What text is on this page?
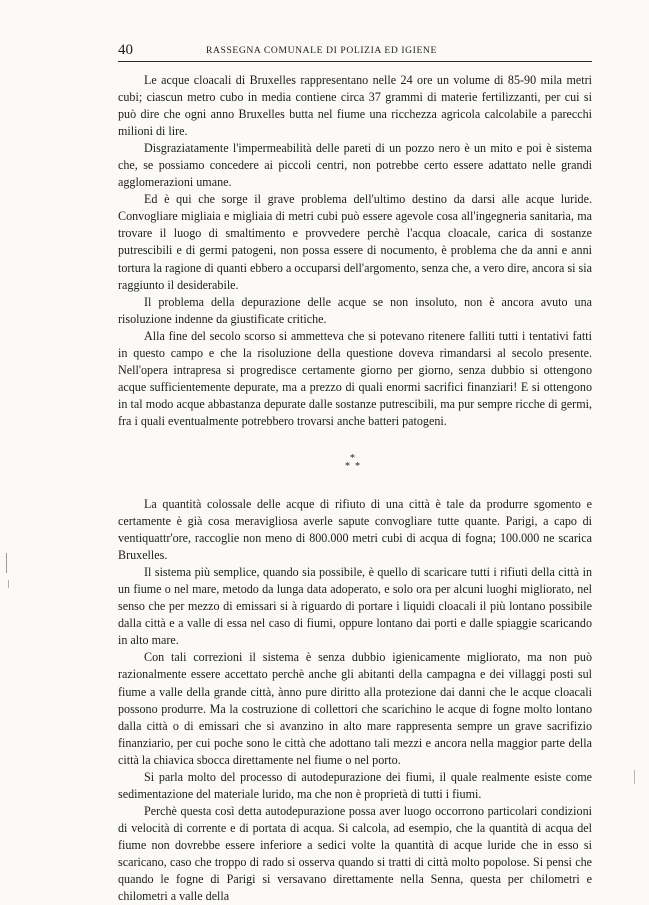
40	RASSEGNA COMUNALE DI POLIZIA ED IGIENE

Le acque cloacali di Bruxelles rappresentano nelle 24 ore un volume di 85-90 mila metri cubi; ciascun metro cubo in media contiene circa 37 grammi di materie fertilizzanti, per cui si può dire che ogni anno Bruxelles butta nel fiume una ricchezza agricola calcolabile a parecchi milioni di lire.

Disgraziatamente l'impermeabilità delle pareti di un pozzo nero è un mito e poi è sistema che, se possiamo concedere ai piccoli centri, non potrebbe certo essere adattato nelle grandi agglomerazioni umane.

Ed è qui che sorge il grave problema dell'ultimo destino da darsi alle acque luride. Convogliare migliaia e migliaia di metri cubi può essere agevole cosa all'ingegneria sanitaria, ma trovare il luogo di smaltimento e provvedere perchè l'acqua cloacale, carica di sostanze putrescibili e di germi patogeni, non possa essere di nocumento, è problema che da anni e anni tortura la ragione di quanti ebbero a occuparsi dell'argomento, senza che, a vero dire, ancora si sia raggiunto il desiderabile.

Il problema della depurazione delle acque se non insoluto, non è ancora avuto una risoluzione indenne da giustificate critiche.

Alla fine del secolo scorso si ammetteva che si potevano ritenere falliti tutti i tentativi fatti in questo campo e che la risoluzione della questione doveva rimandarsi al secolo presente. Nell'opera intrapresa si progredisce certamente giorno per giorno, senza dubbio si ottengono acque sufficientemente depurate, ma a prezzo di quali enormi sacrifici finanziari! E si ottengono in tal modo acque abbastanza depurate dalle sostanze putrescibili, ma pur sempre ricche di germi, fra i quali eventualmente potrebbero trovarsi anche batteri patogeni.

*
* *

La quantità colossale delle acque di rifiuto di una città è tale da produrre sgomento e certamente è già cosa meravigliosa averle sapute convogliare tutte quante. Parigi, a capo di ventiquattr'ore, raccoglie non meno di 800.000 metri cubi di acqua di fogna; 100.000 ne scarica Bruxelles.

Il sistema più semplice, quando sia possibile, è quello di scaricare tutti i rifiuti della città in un fiume o nel mare, metodo da lunga data adoperato, e solo ora per alcuni luoghi migliorato, nel senso che per mezzo di emissari si à riguardo di portare i liquidi cloacali il più lontano possibile dalla città e a valle di essa nel caso di fiumi, oppure lontano dai porti e dalle spiaggie scaricando in alto mare.

Con tali correzioni il sistema è senza dubbio igienicamente migliorato, ma non può razionalmente essere accettato perchè anche gli abitanti della campagna e dei villaggi posti sul fiume a valle della grande città, ànno pure diritto alla protezione dai danni che le acque cloacali possono produrre. Ma la costruzione di collettori che scarichino le acque di fogne molto lontano dalla città o di emissari che si avanzino in alto mare rappresenta sempre un grave sacrifizio finanziario, per cui poche sono le città che adottano tali mezzi e ancora nella maggior parte della città la chiavica sbocca direttamente nel fiume o nel porto.

Si parla molto del processo di autodepurazione dei fiumi, il quale realmente esiste come sedimentazione del materiale lurido, ma che non è proprietà di tutti i fiumi.

Perchè questa così detta autodepurazione possa aver luogo occorrono particolari condizioni di velocità di corrente e di portata di acqua. Si calcola, ad esempio, che la quantità di acqua del fiume non dovrebbe essere inferiore a sedici volte la quantità di acque luride che in esso si scaricano, caso che troppo di rado si osserva quando si tratti di città molto popolose. Si pensi che quando le fogne di Parigi si versavano direttamente nella Senna, questa per chilometri e chilometri a valle della
